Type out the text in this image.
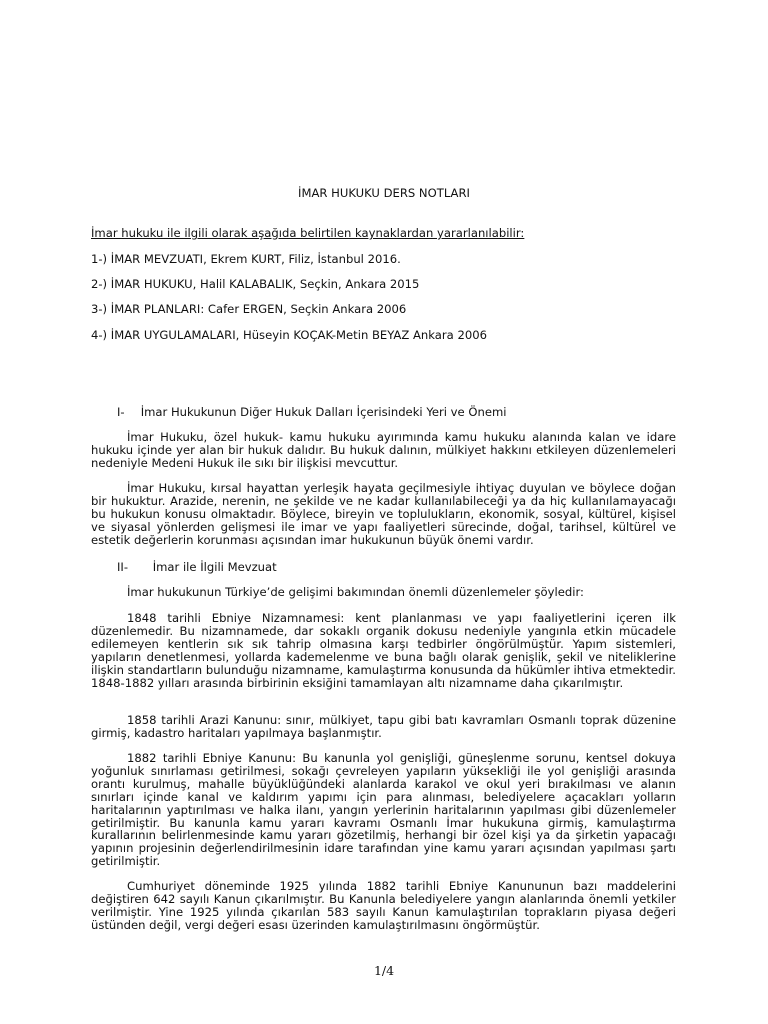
İMAR HUKUKU DERS NOTLARI
İmar hukuku ile ilgili olarak aşağıda belirtilen kaynaklardan yararlanılabilir:
1-) İMAR MEVZUATI, Ekrem KURT, Filiz, İstanbul 2016.
2-) İMAR HUKUKU, Halil KALABALIK, Seçkin, Ankara 2015
3-) İMAR PLANLARI: Cafer ERGEN, Seçkin Ankara 2006
4-) İMAR UYGULAMALARI, Hüseyin KOÇAK-Metin BEYAZ Ankara 2006
I- İmar Hukukunun Diğer Hukuk Dalları İçerisindeki Yeri ve Önemi

İmar Hukuku, özel hukuk- kamu hukuku ayırımında kamu hukuku alanında kalan ve idare hukuku içinde yer alan bir hukuk dalıdır. Bu hukuk dalının, mülkiyet hakkını etkileyen düzenlemeleri nedeniyle Medeni Hukuk ile sıkı bir ilişkisi mevcuttur.

İmar Hukuku, kırsal hayattan yerleşik hayata geçilmesiyle ihtiyaç duyulan ve böylece doğan bir hukuktur. Arazide, nerenin, ne şekilde ve ne kadar kullanılabileceği ya da hiç kullanılamayacağı bu hukukun konusu olmaktadır. Böylece, bireyin ve toplulukların, ekonomik, sosyal, kültürel, kişisel ve siyasal yönlerden gelişmesi ile imar ve yapı faaliyetleri sürecinde, doğal, tarihsel, kültürel ve estetik değerlerin korunması açısından imar hukukunun büyük önemi vardır.

II- İmar ile İlgili Mevzuat

İmar hukukunun Türkiye’de gelişimi bakımından önemli düzenlemeler şöyledir:

1848 tarihli Ebniye Nizamnamesi: kent planlanması ve yapı faaliyetlerini içeren ilk düzenlemedir. Bu nizamnamede, dar sokaklı organik dokusu nedeniyle yangınla etkin mücadele edilemeyen kentlerin sık sık tahrip olmasına karşı tedbirler öngörülmüştür. Yapım sistemleri, yapıların denetlenmesi, yollarda kademelenme ve buna bağlı olarak genişlik, şekil ve niteliklerine ilişkin standartların bulunduğu nizamname, kamulaştırma konusunda da hükümler ihtiva etmektedir. 1848-1882 yılları arasında birbirinin eksiğini tamamlayan altı nizamname daha çıkarılmıştır.

1858 tarihli Arazi Kanunu: sınır, mülkiyet, tapu gibi batı kavramları Osmanlı toprak düzenine girmiş, kadastro haritaları yapılmaya başlanmıştır.

1882 tarihli Ebniye Kanunu: Bu kanunla yol genişliği, güneşlenme sorunu, kentsel dokuya yoğunluk sınırlaması getirilmesi, sokağı çevreleyen yapıların yüksekliği ile yol genişliği arasında orantı kurulmuş, mahalle büyüklüğündeki alanlarda karakol ve okul yeri bırakılması ve alanın sınırları içinde kanal ve kaldırım yapımı için para alınması, belediyelere açacakları yolların haritalarının yaptırılması ve halka ilanı, yangın yerlerinin haritalarının yapılması gibi düzenlemeler getirilmiştir. Bu kanunla kamu yararı kavramı Osmanlı İmar hukukuna girmiş, kamulaştırma kurallarının belirlenmesinde kamu yararı gözetilmiş, herhangi bir özel kişi ya da şirketin yapacağı yapının projesinin değerlendirilmesinin idare tarafından yine kamu yararı açısından yapılması şartı getirilmiştir.

Cumhuriyet döneminde 1925 yılında 1882 tarihli Ebniye Kanununun bazı maddelerini değiştiren 642 sayılı Kanun çıkarılmıştır. Bu Kanunla belediyelere yangın alanlarında önemli yetkiler verilmiştir. Yine 1925 yılında çıkarılan 583 sayılı Kanun kamulaştırılan toprakların piyasa değeri üstünden değil, vergi değeri esası üzerinden kamulaştırılmasını öngörmüştür.

1/4
